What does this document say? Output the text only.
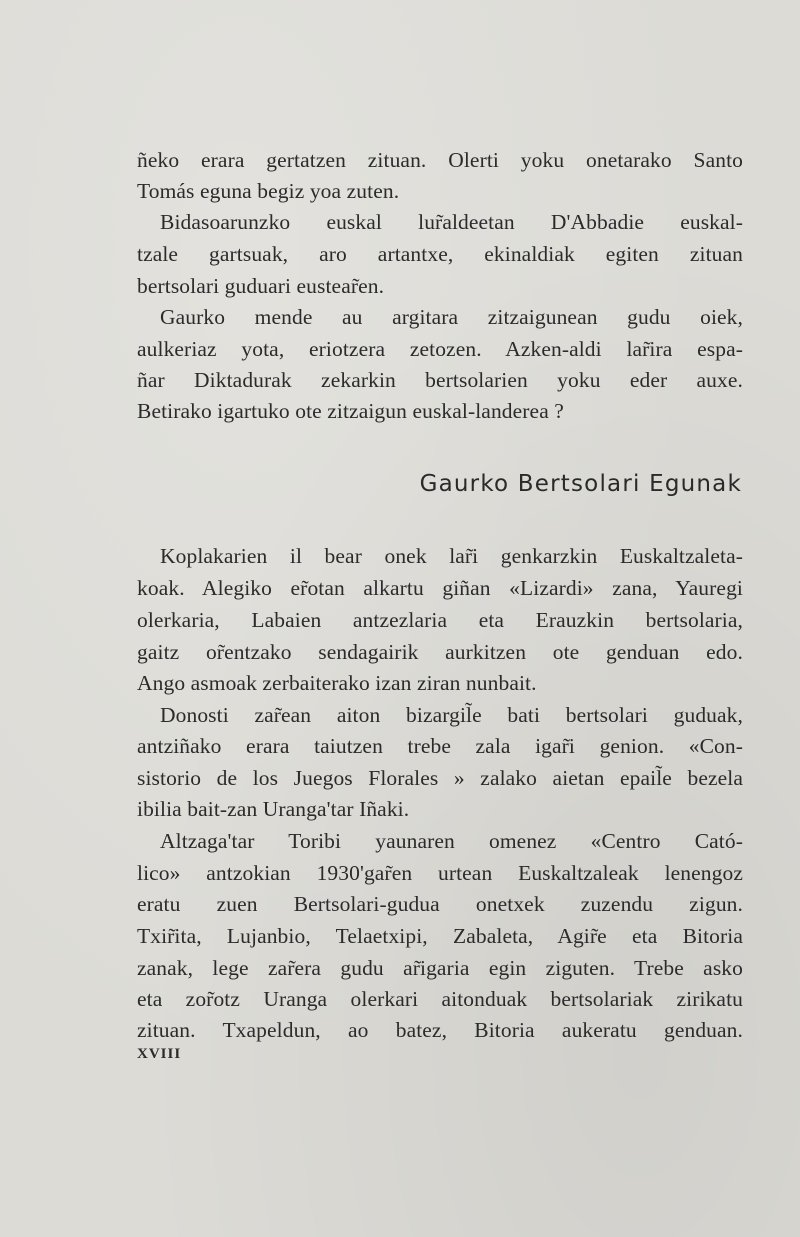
ñeko erara gertatzen zituan. Olerti yoku onetarako Santo
Tomás eguna begiz yoa zuten.
Bidasoarunzko euskal lur̃aldeetan D'Abbadie euskal-
tzale gartsuak, aro artantxe, ekinaldiak egiten zituan
bertsolari guduari eustear̃en.
Gaurko mende au argitara zitzaigunean gudu oiek,
aulkeriaz yota, eriotzera zetozen. Azken-aldi lar̃ira espa-
ñar Diktadurak zekarkin bertsolarien yoku eder auxe.
Betirako igartuko ote zitzaigun euskal-landerea ?
Gaurko Bertsolari Egunak
Koplakarien il bear onek lar̃i genkarzkin Euskaltzaleta-
koak. Alegiko er̃otan alkartu giñan «Lizardi» zana, Yauregi
olerkaria, Labaien antzezlaria eta Erauzkin bertsolaria,
gaitz or̃entzako sendagairik aurkitzen ote genduan edo.
Ango asmoak zerbaiterako izan ziran nunbait.
Donosti zar̃ean aiton bizargil̃e bati bertsolari guduak,
antziñako erara taiutzen trebe zala igar̃i genion. «Con-
sistorio de los Juegos Florales » zalako aietan epail̃e bezela
ibilia bait-zan Uranga'tar Iñaki.
Altzaga'tar Toribi yaunaren omenez «Centro Cató-
lico» antzokian 1930'gar̃en urtean Euskaltzaleak lenengoz
eratu zuen Bertsolari-gudua onetxek zuzendu zigun.
Txir̃ita, Lujanbio, Telaetxipi, Zabaleta, Agir̃e eta Bitoria
zanak, lege zar̃era gudu ar̃igaria egin ziguten. Trebe asko
eta zor̃otz Uranga olerkari aitonduak bertsolariak zirikatu
zituan. Txapeldun, ao batez, Bitoria aukeratu genduan.
XVIII
